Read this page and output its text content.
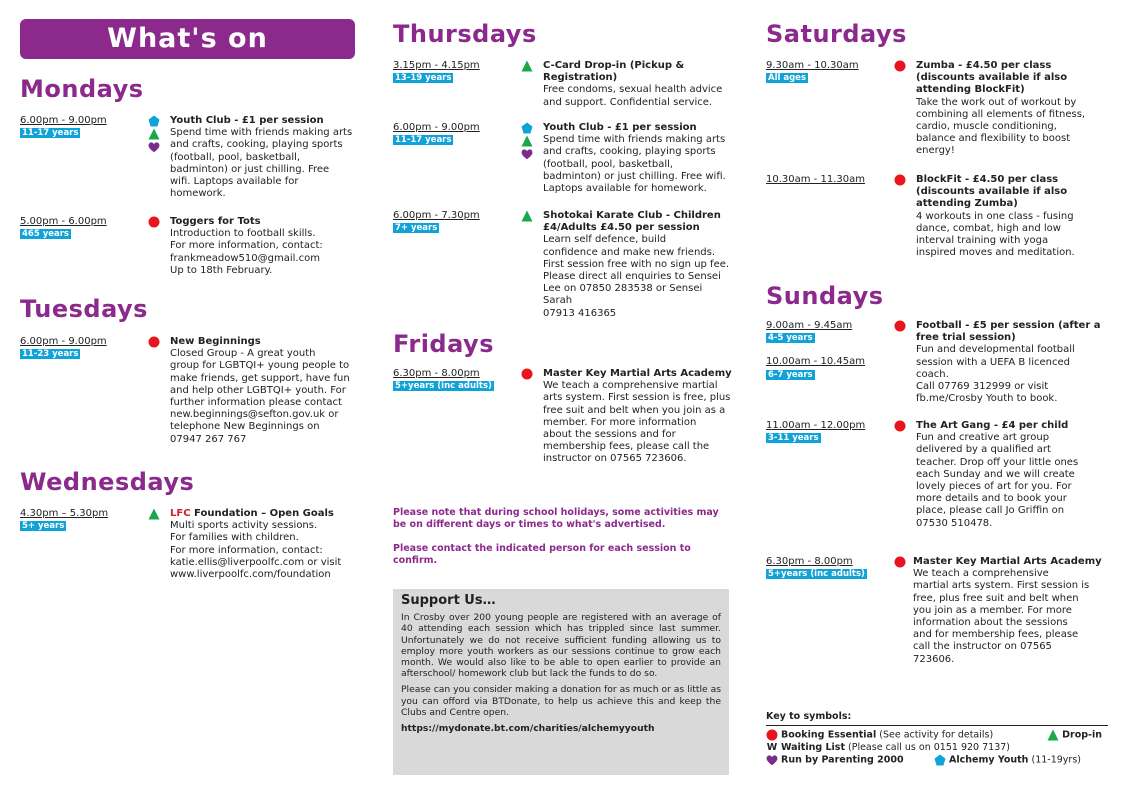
What's on
Mondays
6.00pm - 9.00pm
11-17 years
Youth Club - £1 per session
Spend time with friends making arts
and crafts, cooking, playing sports
(football, pool, basketball,
badminton) or just chilling. Free
wifi. Laptops available for
homework.
5.00pm - 6.00pm
465 years
Toggers for Tots
Introduction to football skills.
For more information, contact:
frankmeadow510@gmail.com
Up to 18th February.
Tuesdays
6.00pm - 9.00pm
11-23 years
New Beginnings
Closed Group - A great youth
group for LGBTQI+ young people to
make friends, get support, have fun
and help other LGBTQI+ youth. For
further information please contact
new.beginnings@sefton.gov.uk or
telephone New Beginnings on
07947 267 767
Wednesdays
4.30pm – 5.30pm
5+ years
LFC Foundation – Open Goals
Multi sports activity sessions.
For families with children.
For more information, contact:
katie.ellis@liverpoolfc.com or visit
www.liverpoolfc.com/foundation
Thursdays
3.15pm - 4.15pm
13-19 years
C-Card Drop-in (Pickup &
Registration)
Free condoms, sexual health advice
and support. Confidential service.
6.00pm - 9.00pm
11-17 years
Youth Club - £1 per session
Spend time with friends making arts
and crafts, cooking, playing sports
(football, pool, basketball,
badminton) or just chilling. Free wifi.
Laptops available for homework.
6.00pm - 7.30pm
7+ years
Shotokai Karate Club - Children
£4/Adults £4.50 per session
Learn self defence, build
confidence and make new friends.
First session free with no sign up fee.
Please direct all enquiries to Sensei
Lee on 07850 283538 or Sensei Sarah
07913 416365
Fridays
6.30pm - 8.00pm
5+years (inc adults)
Master Key Martial Arts Academy
We teach a comprehensive martial
arts system. First session is free, plus
free suit and belt when you join as a
member. For more information
about the sessions and for
membership fees, please call the
instructor on 07565 723606.
Please note that during school holidays, some activities may
be on different days or times to what's advertised.
Please contact the indicated person for each session to confirm.
Support Us…

In Crosby over 200 young people are registered with an average of 40 attending each session which has trippled since last summer. Unfortunately we do not receive sufficient funding allowing us to employ more youth workers as our sessions continue to grow each month. We would also like to be able to open earlier to provide an afterschool/ homework club but lack the funds to do so.

Please can you consider making a donation for as much or as little as you can offord via BTDonate, to help us achieve this and keep the Clubs and Centre open.

https://mydonate.bt.com/charities/alchemyyouth
Saturdays
9.30am - 10.30am
All ages
Zumba - £4.50 per class
(discounts available if also
attending BlockFit)
Take the work out of workout by
combining all elements of fitness,
cardio, muscle conditioning,
balance and flexibility to boost
energy!
10.30am - 11.30am	BlockFit - £4.50 per class
(discounts available if also
attending Zumba)
4 workouts in one class - fusing
dance, combat, high and low
interval training with yoga
inspired moves and meditation.
Sundays
9.00am - 9.45am
4-5 years
10.00am - 10.45am
6-7 years
Football - £5 per session (after a
free trial session)
Fun and developmental football
session with a UEFA B licenced
coach.
Call 07769 312999 or visit
fb.me/Crosby Youth to book.
11.00am - 12.00pm
3-11 years
The Art Gang - £4 per child
Fun and creative art group
delivered by a qualified art
teacher. Drop off your little ones
each Sunday and we will create
lovely pieces of art for you. For
more details and to book your
place, please call Jo Griffin on
07530 510478.
6.30pm - 8.00pm
5+years (inc adults)
Master Key Martial Arts Academy
We teach a comprehensive
martial arts system. First session is
free, plus free suit and belt when
you join as a member. For more
information about the sessions
and for membership fees, please
call the instructor on 07565
723606.
Key to symbols:
Booking Essential (See activity for details)	Drop-in
W Waiting List (Please call us on 0151 920 7137)
Run by Parenting 2000	Alchemy Youth (11-19yrs)
